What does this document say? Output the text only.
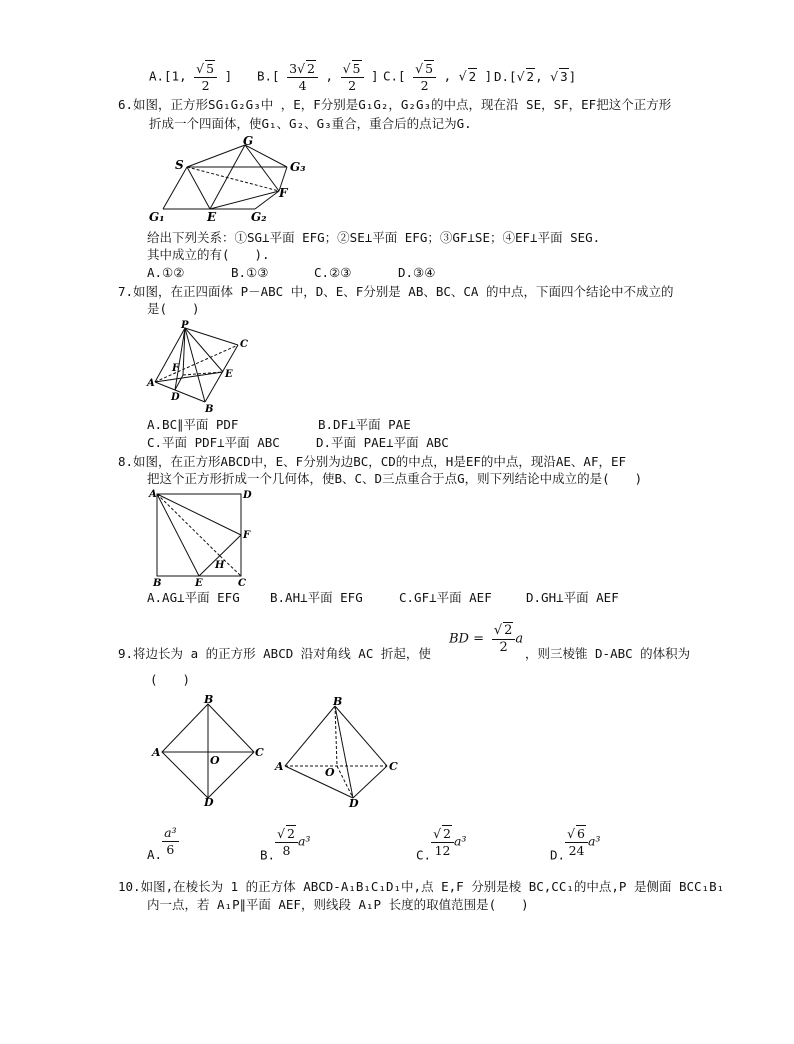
A.[1, $\frac{√ 5}{2}$ ] $B.[ \frac{3√ 2}{4}$ , $\frac{√ 5}{2}$ ] $C.[ \frac{√ 5}{2}$ , √ 2 ] D.[√ 2, √ 3]
6.如图，正方形SG₁G₂G₃中 ，E，F分别是G₁G₂，G₂G₃的中点，现在沿 SE，SF，EF把这个正方形
折成一个四面体，使G₁、G₂、G₃重合，重合后的点记为G.
G
S	G₃
F
G₁	E	G₂
给出下列关系：①SG⊥平面 EFG；②SE⊥平面 EFG；③GF⊥SE；④EF⊥平面 SEG.
其中成立的有(　　).
A.①②	B.①③	C.②③	D.③④
7.如图，在正四面体 P－ABC 中，D、E、F分别是 AB、BC、CA 的中点，下面四个结论中不成立的
是(　　)
P
C
F
E
A
D
B
A.BC∥平面 PDF	B.DF⊥平面 PAE
C.平面 PDF⊥平面 ABC	D.平面 PAE⊥平面 ABC
8.如图，在正方形ABCD中，E、F分别为边BC，CD的中点，H是EF的中点，现沿AE、AF，EF
把这个正方形折成一个几何体，使B、C、D三点重合于点G，则下列结论中成立的是(　　)
A	D
F
H
B	E	C
A.AG⊥平面 EFG B.AH⊥平面 EFG	C.GF⊥平面 AEF	D.GH⊥平面 AEF
9.将边长为 a 的正方形 ABCD 沿对角线 AC 折起，使
BD = $\frac{√ 2}{2}$ a
，则三棱锥 D-ABC 的体积为
(　　)
B
A
O
C
D
B
A	O	C
D
A. $\frac{\text{a³}}{6}$	B. $\frac{√ 2}{8} a^3$
C. $\frac{√ 2}{12} a^3$
D. $\frac{√ 6}{24} a^3$
10.如图,在棱长为 1 的正方体 ABCD-A₁B₁C₁D₁中,点 E,F 分别是棱 BC,CC₁的中点,P 是侧面 BCC₁B₁
内一点，若 A₁P∥平面 AEF，则线段 A₁P 长度的取值范围是(　　)
